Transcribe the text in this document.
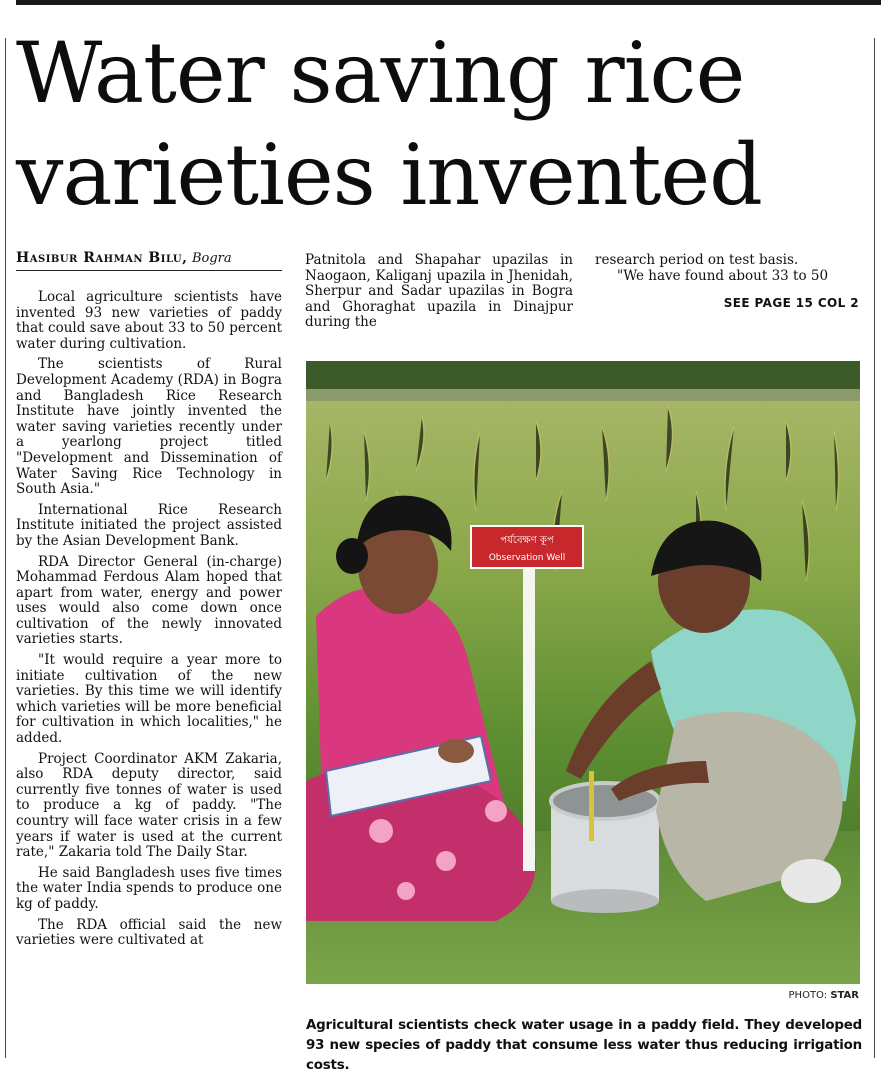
Water saving rice varieties invented
Hasibur Rahman Bilu, Bogra

Local agriculture scientists have invented 93 new varieties of paddy that could save about 33 to 50 percent water during cultivation.

The scientists of Rural Development Academy (RDA) in Bogra and Bangladesh Rice Research Institute have jointly invented the water saving varieties recently under a yearlong project titled "Development and Dissemination of Water Saving Rice Technology in South Asia."

International Rice Research Institute initiated the project assisted by the Asian Development Bank.

RDA Director General (in-charge) Mohammad Ferdous Alam hoped that apart from water, energy and power uses would also come down once cultivation of the newly innovated varieties starts.

"It would require a year more to initiate cultivation of the new varieties. By this time we will identify which varieties will be more beneficial for cultivation in which localities," he added.

Project Coordinator AKM Zakaria, also RDA deputy director, said currently five tonnes of water is used to produce a kg of paddy. "The country will face water crisis in a few years if water is used at the current rate," Zakaria told The Daily Star.

He said Bangladesh uses five times the water India spends to produce one kg of paddy.

The RDA official said the new varieties were cultivated at

Patnitola and Shapahar upazilas in Naogaon, Kaliganj upazila in Jhenidah, Sherpur and Sadar upazilas in Bogra and Ghoraghat upazila in Dinajpur during the

research period on test basis.

"We have found about 33 to 50

SEE PAGE 15 COL 2
পর্যবেক্ষণ কূপ
Observation Well
PHOTO: STAR
Agricultural scientists check water usage in a paddy field. They developed 93 new species of paddy that consume less water thus reducing irrigation costs.
